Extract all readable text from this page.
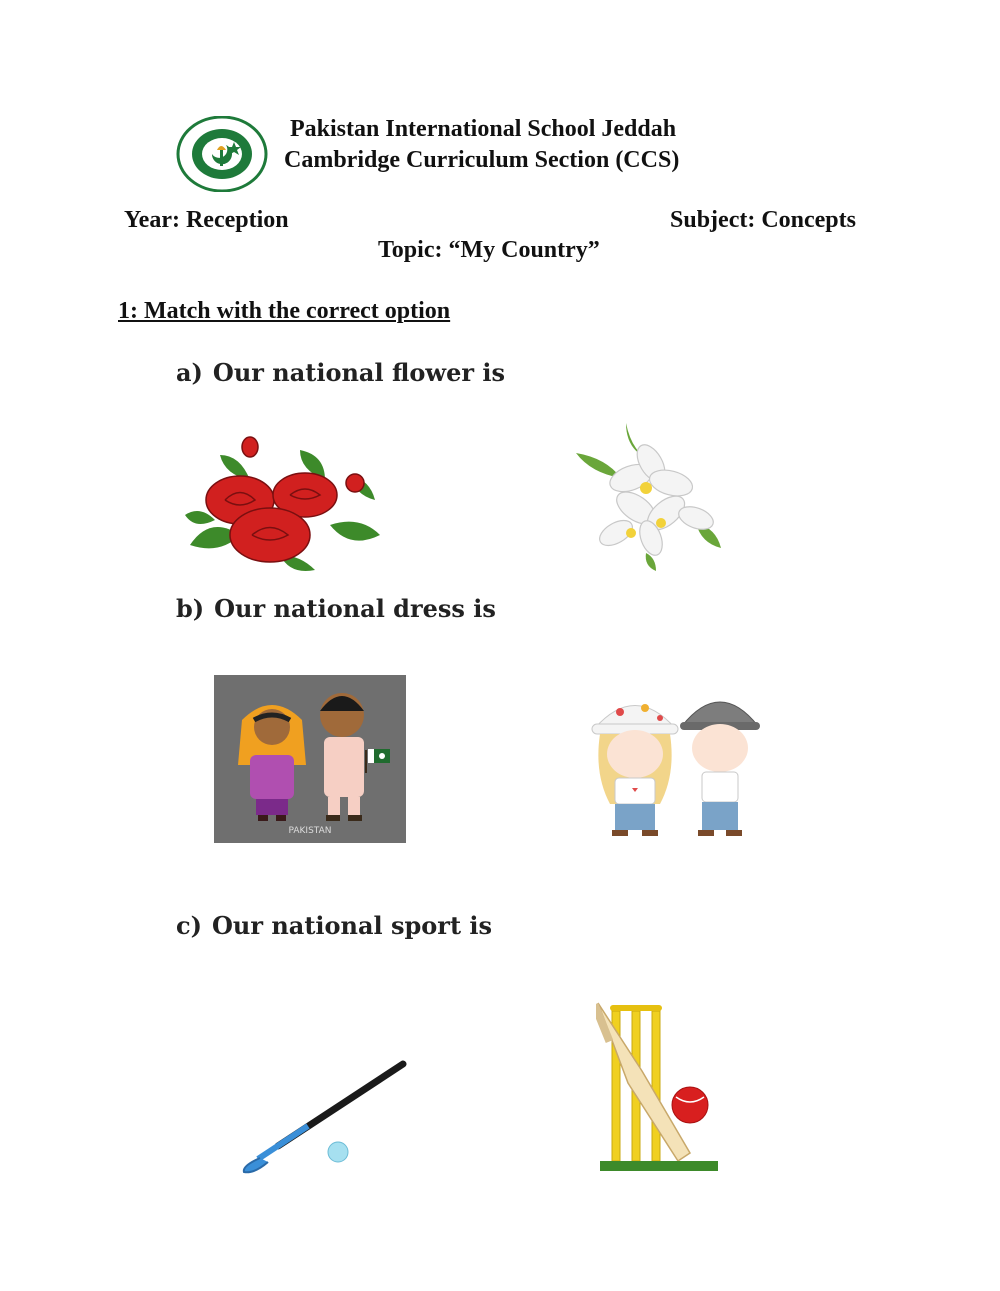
Pakistan International School Jeddah
Cambridge Curriculum Section (CCS)
Year: Reception	Subject: Concepts
Topic: “My Country”
1: Match with the correct option
a) Our national flower is
b) Our national dress is
PAKISTAN
c) Our national sport is
